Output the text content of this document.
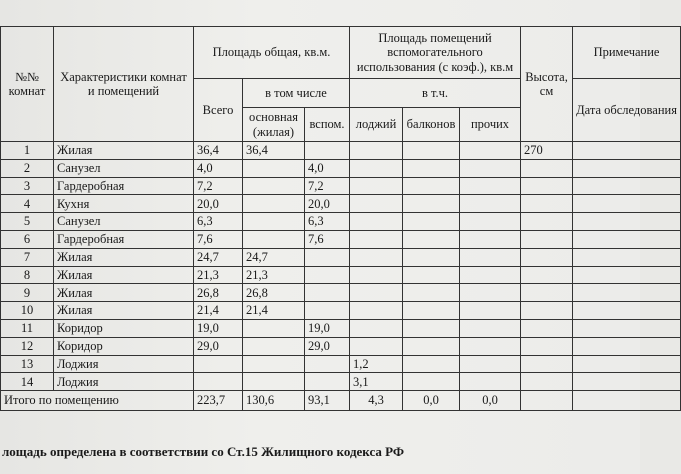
№№ комнат	Характеристики комнат и помещений	Площадь общая, кв.м.			Площадь помещений вспомогательного использования (с коэф.), кв.м			Высота, см	Примечание
		Всего	в том числе		в т.ч.				Дата обследования
			основная (жилая)	вспом.	лоджий	балконов	прочих		
1	Жилая	36,4	36,4					270	
2	Санузел	4,0		4,0					
3	Гардеробная	7,2		7,2					
4	Кухня	20,0		20,0					
5	Санузел	6,3		6,3					
6	Гардеробная	7,6		7,6					
7	Жилая	24,7	24,7						
8	Жилая	21,3	21,3						
9	Жилая	26,8	26,8						
10	Жилая	21,4	21,4						
11	Коридор	19,0		19,0					
12	Коридор	29,0		29,0					
13	Лоджия				1,2				
14	Лоджия				3,1				
Итого по помещению		223,7	130,6	93,1	4,3	0,0	0,0		
лощадь определена в соответствии со Ст.15 Жилищного кодекса РФ
